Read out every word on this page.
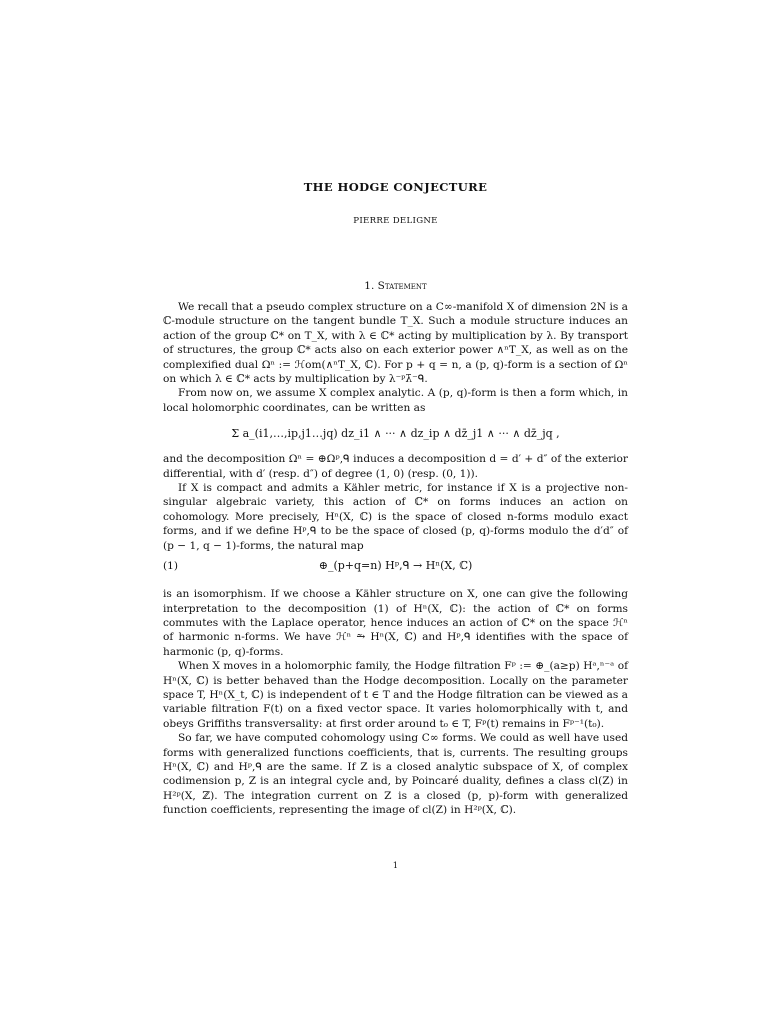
THE HODGE CONJECTURE
PIERRE DELIGNE
1. Statement

We recall that a pseudo complex structure on a C∞-manifold X of dimension 2N is a ℂ-module structure on the tangent bundle T_X. Such a module structure induces an action of the group ℂ* on T_X, with λ ∈ ℂ* acting by multiplication by λ. By transport of structures, the group ℂ* acts also on each exterior power ∧ⁿT_X, as well as on the complexified dual Ωⁿ := ℋom(∧ⁿT_X, ℂ). For p + q = n, a (p, q)-form is a section of Ωⁿ on which λ ∈ ℂ* acts by multiplication by λ⁻ᵖλ̄⁻ᑫ.

From now on, we assume X complex analytic. A (p, q)-form is then a form which, in local holomorphic coordinates, can be written as

Σ a_(i1,…,ip,j1…jq) dz_i1 ∧ ··· ∧ dz_ip ∧ dz̄_j1 ∧ ··· ∧ dz̄_jq ,

and the decomposition Ωⁿ = ⊕Ωᵖ,ᑫ induces a decomposition d = d′ + d″ of the exterior differential, with d′ (resp. d″) of degree (1, 0) (resp. (0, 1)).

If X is compact and admits a Kähler metric, for instance if X is a projective non-singular algebraic variety, this action of ℂ* on forms induces an action on cohomology. More precisely, Hⁿ(X, ℂ) is the space of closed n-forms modulo exact forms, and if we define Hᵖ,ᑫ to be the space of closed (p, q)-forms modulo the d′d″ of (p − 1, q − 1)-forms, the natural map

(1)	⊕_(p+q=n) Hᵖ,ᑫ → Hⁿ(X, ℂ)

is an isomorphism. If we choose a Kähler structure on X, one can give the following interpretation to the decomposition (1) of Hⁿ(X, ℂ): the action of ℂ* on forms commutes with the Laplace operator, hence induces an action of ℂ* on the space ℋⁿ of harmonic n-forms. We have ℋⁿ ⥲ Hⁿ(X, ℂ) and Hᵖ,ᑫ identifies with the space of harmonic (p, q)-forms.

When X moves in a holomorphic family, the Hodge filtration Fᵖ := ⊕_(a≥p) Hᵃ,ⁿ⁻ᵃ of Hⁿ(X, ℂ) is better behaved than the Hodge decomposition. Locally on the parameter space T, Hⁿ(X_t, ℂ) is independent of t ∈ T and the Hodge filtration can be viewed as a variable filtration F(t) on a fixed vector space. It varies holomorphically with t, and obeys Griffiths transversality: at first order around t₀ ∈ T, Fᵖ(t) remains in Fᵖ⁻¹(t₀).

So far, we have computed cohomology using C∞ forms. We could as well have used forms with generalized functions coefficients, that is, currents. The resulting groups Hⁿ(X, ℂ) and Hᵖ,ᑫ are the same. If Z is a closed analytic subspace of X, of complex codimension p, Z is an integral cycle and, by Poincaré duality, defines a class cl(Z) in H²ᵖ(X, ℤ). The integration current on Z is a closed (p, p)-form with generalized function coefficients, representing the image of cl(Z) in H²ᵖ(X, ℂ).

1
